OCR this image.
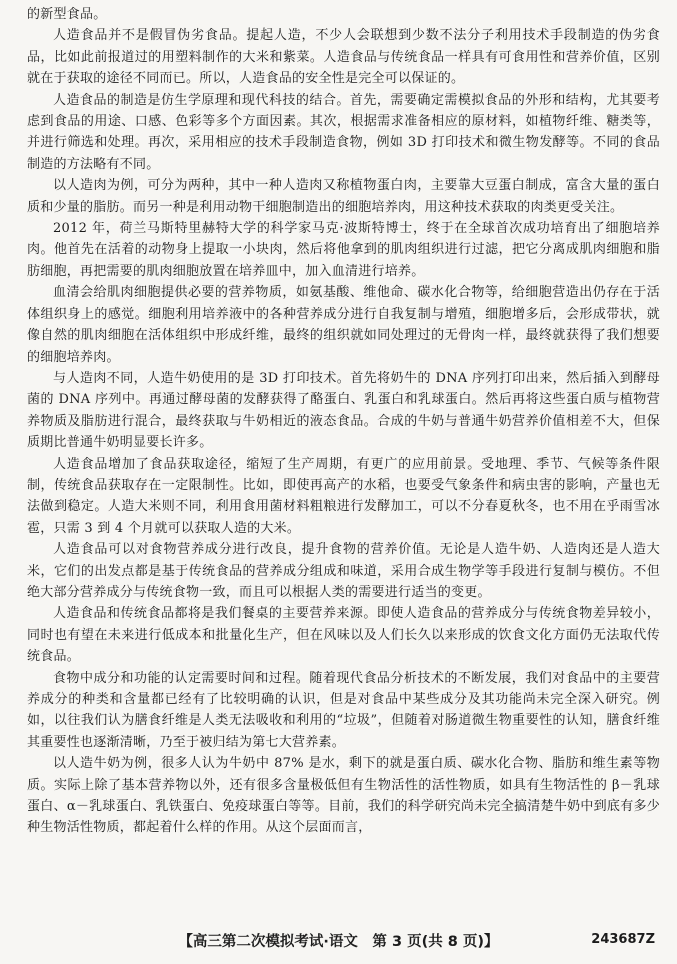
的新型食品。

人造食品并不是假冒伪劣食品。提起人造，不少人会联想到少数不法分子利用技术手段制造的伪劣食品，比如此前报道过的用塑料制作的大米和紫菜。人造食品与传统食品一样具有可食用性和营养价值，区别就在于获取的途径不同而已。所以，人造食品的安全性是完全可以保证的。

人造食品的制造是仿生学原理和现代科技的结合。首先，需要确定需模拟食品的外形和结构，尤其要考虑到食品的用途、口感、色彩等多个方面因素。其次，根据需求准备相应的原材料，如植物纤维、糖类等，并进行筛选和处理。再次，采用相应的技术手段制造食物，例如 3D 打印技术和微生物发酵等。不同的食品制造的方法略有不同。

以人造肉为例，可分为两种，其中一种人造肉又称植物蛋白肉，主要靠大豆蛋白制成，富含大量的蛋白质和少量的脂肪。而另一种是利用动物干细胞制造出的细胞培养肉，用这种技术获取的肉类更受关注。

2012 年，荷兰马斯特里赫特大学的科学家马克·波斯特博士，终于在全球首次成功培育出了细胞培养肉。他首先在活着的动物身上提取一小块肉，然后将他拿到的肌肉组织进行过滤，把它分离成肌肉细胞和脂肪细胞，再把需要的肌肉细胞放置在培养皿中，加入血清进行培养。

血清会给肌肉细胞提供必要的营养物质，如氨基酸、维他命、碳水化合物等，给细胞营造出仍存在于活体组织身上的感觉。细胞利用培养液中的各种营养成分进行自我复制与增殖，细胞增多后，会形成带状，就像自然的肌肉细胞在活体组织中形成纤维，最终的组织就如同处理过的无骨肉一样，最终就获得了我们想要的细胞培养肉。

与人造肉不同，人造牛奶使用的是 3D 打印技术。首先将奶牛的 DNA 序列打印出来，然后插入到酵母菌的 DNA 序列中。再通过酵母菌的发酵获得了酪蛋白、乳蛋白和乳球蛋白。然后再将这些蛋白质与植物营养物质及脂肪进行混合，最终获取与牛奶相近的液态食品。合成的牛奶与普通牛奶营养价值相差不大，但保质期比普通牛奶明显要长许多。

人造食品增加了食品获取途径，缩短了生产周期，有更广的应用前景。受地理、季节、气候等条件限制，传统食品获取存在一定限制性。比如，即使再高产的水稻，也要受气象条件和病虫害的影响，产量也无法做到稳定。人造大米则不同，利用食用菌材料粗粮进行发酵加工，可以不分春夏秋冬，也不用在乎雨雪冰雹，只需 3 到 4 个月就可以获取人造的大米。

人造食品可以对食物营养成分进行改良，提升食物的营养价值。无论是人造牛奶、人造肉还是人造大米，它们的出发点都是基于传统食品的营养成分组成和味道，采用合成生物学等手段进行复制与模仿。不但绝大部分营养成分与传统食物一致，而且可以根据人类的需要进行适当的变更。

人造食品和传统食品都将是我们餐桌的主要营养来源。即使人造食品的营养成分与传统食物差异较小，同时也有望在未来进行低成本和批量化生产，但在风味以及人们长久以来形成的饮食文化方面仍无法取代传统食品。

食物中成分和功能的认定需要时间和过程。随着现代食品分析技术的不断发展，我们对食品中的主要营养成分的种类和含量都已经有了比较明确的认识，但是对食品中某些成分及其功能尚未完全深入研究。例如，以往我们认为膳食纤维是人类无法吸收和利用的“垃圾”，但随着对肠道微生物重要性的认知，膳食纤维其重要性也逐渐清晰，乃至于被归结为第七大营养素。

以人造牛奶为例，很多人认为牛奶中 87% 是水，剩下的就是蛋白质、碳水化合物、脂肪和维生素等物质。实际上除了基本营养物以外，还有很多含量极低但有生物活性的活性物质，如具有生物活性的 β－乳球蛋白、α－乳球蛋白、乳铁蛋白、免疫球蛋白等等。目前，我们的科学研究尚未完全搞清楚牛奶中到底有多少种生物活性物质，都起着什么样的作用。从这个层面而言，

【高三第二次模拟考试·语文　第 3 页(共 8 页)】	243687Z
